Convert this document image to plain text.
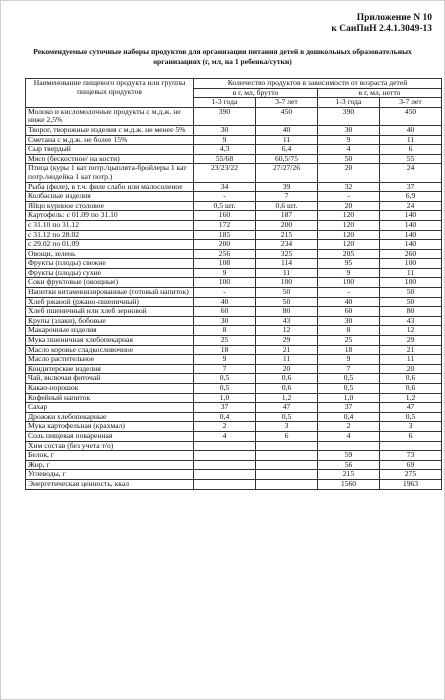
Приложение N 10
к СанПиН 2.4.1.3049-13
Рекомендуемые суточные наборы продуктов для организации питания детей в дошкольных образовательных организациях (г, мл, на 1 ребенка/сутки)
Наименование пищевого продукта или группы пищевых продуктов	Количество продуктов в зависимости от возраста детей			
	в г, мл, брутто		в г, мл, нетто	
	1-3 года	3-7 лет	1-3 года	3-7 лет
Молоко и кисломолочные продукты с м.д.ж. не ниже 2,5%	390	450	390	450
Творог, творожные изделия с м.д.ж. не менее 5%	30	40	30	40
Сметана с м.д.ж. не более 15%	9	11	9	11
Сыр твердый	4,3	6,4	4	6
Мясо (бескостное/ на кости)	55/68	60,5/75	50	55
Птица (куры 1 кат потр./цыплята-бройлеры 1 кат потр./индейка 1 кат потр.)	23/23/22	27/27/26	20	24
Рыба (филе), в т.ч. филе слабо или малосоленое	34	39	32	37
Колбасные изделия	-	7	-	6,9
Яйцо куриное столовое	0,5 шт.	0,6 шт.	20	24
Картофель: с 01.09 по 31.10	160	187	120	140
с 31.10 по 31.12	172	200	120	140
с 31.12 по 28.02	185	215	120	140
с 29.02 по 01.09	200	234	120	140
Овощи, зелень	256	325	205	260
Фрукты (плоды) свежие	108	114	95	100
Фрукты (плоды) сухие	9	11	9	11
Соки фруктовые (овощные)	100	100	100	100
Напитки витаминизированные (готовый напиток)	-	50	-	50
Хлеб ржаной (ржано-пшеничный)	40	50	40	50
Хлеб пшеничный или хлеб зерновой	60	80	60	80
Крупы (злаки), бобовые	30	43	30	43
Макаронные изделия	8	12	8	12
Мука пшеничная хлебопекарная	25	29	25	29
Масло коровье сладкосливочное	18	21	18	21
Масло растительное	9	11	9	11
Кондитерские изделия	7	20	7	20
Чай, включая фиточай	0,5	0,6	0,5	0,6
Какао-порошок	0,5	0,6	0,5	0,6
Кофейный напиток	1,0	1,2	1,0	1,2
Сахар	37	47	37	47
Дрожжи хлебопекарные	0,4	0,5	0,4	0,5
Мука картофельная (крахмал)	2	3	2	3
Соль пищевая поваренная	4	6	4	6
Хим состав (без учета т/о)				
Белок, г			59	73
Жир, г			56	69
Углеводы, г			215	275
Энергетическая ценность, ккал			1560	1963
